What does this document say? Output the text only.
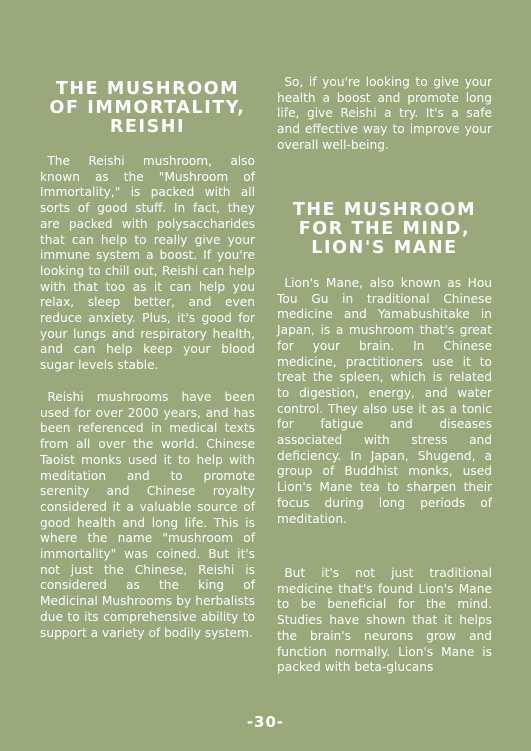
THE MUSHROOM OF IMMORTALITY, REISHI

The Reishi mushroom, also known as the "Mushroom of Immortality," is packed with all sorts of good stuff. In fact, they are packed with polysaccharides that can help to really give your immune system a boost. If you're looking to chill out, Reishi can help with that too as it can help you relax, sleep better, and even reduce anxiety. Plus, it's good for your lungs and respiratory health, and can help keep your blood sugar levels stable.

Reishi mushrooms have been used for over 2000 years, and has been referenced in medical texts from all over the world. Chinese Taoist monks used it to help with meditation and to promote serenity and Chinese royalty considered it a valuable source of good health and long life. This is where the name "mushroom of immortality" was coined. But it's not just the Chinese, Reishi is considered as the king of Medicinal Mushrooms by herbalists due to its comprehensive ability to support a variety of bodily system.

So, if you're looking to give your health a boost and promote long life, give Reishi a try. It's a safe and effective way to improve your overall well-being.

THE MUSHROOM FOR THE MIND, LION'S MANE

Lion's Mane, also known as Hou Tou Gu in traditional Chinese medicine and Yamabushitake in Japan, is a mushroom that's great for your brain. In Chinese medicine, practitioners use it to treat the spleen, which is related to digestion, energy, and water control. They also use it as a tonic for fatigue and diseases associated with stress and deficiency. In Japan, Shugend, a group of Buddhist monks, used Lion's Mane tea to sharpen their focus during long periods of meditation.

But it's not just traditional medicine that's found Lion's Mane to be beneficial for the mind. Studies have shown that it helps the brain's neurons grow and function normally. Lion's Mane is packed with beta-glucans

-30-
